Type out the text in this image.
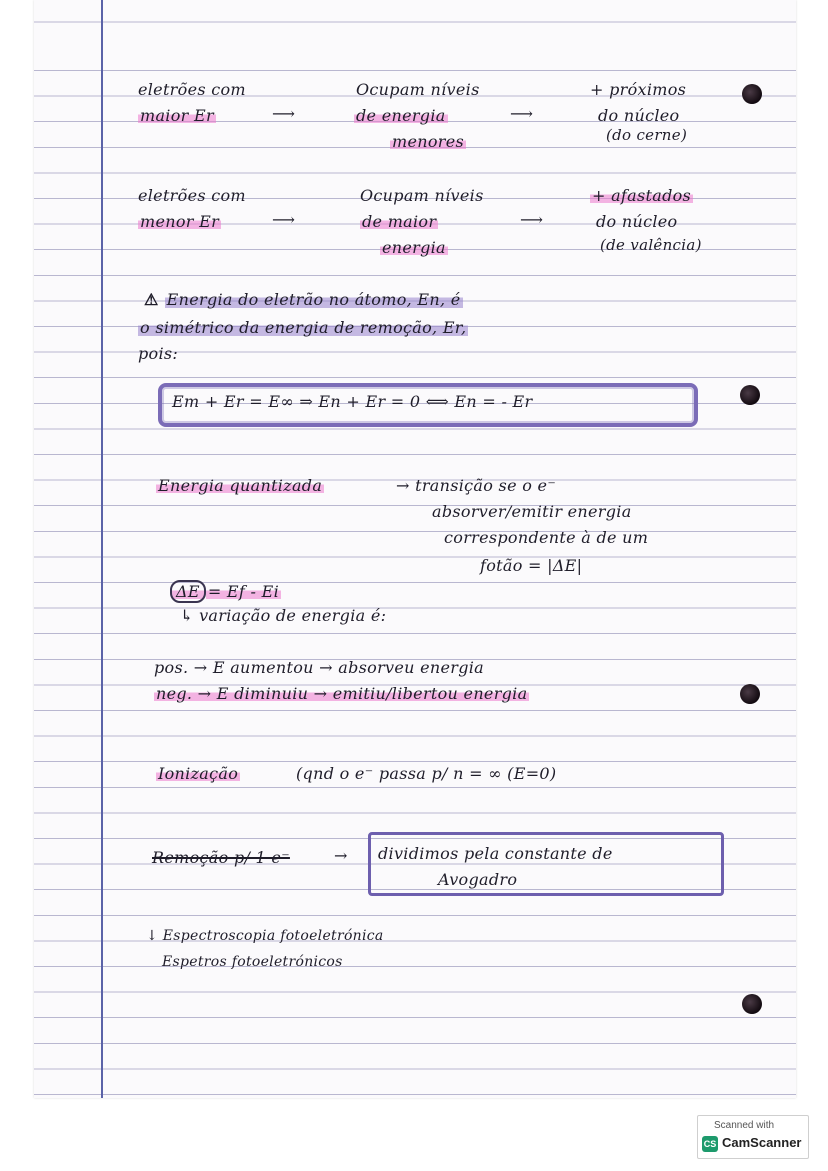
eletrões com	Ocupam níveis	+ próximos
maior Er	⟶	de energia	⟶	do núcleo
menores	(do cerne)
eletrões com	Ocupam níveis	+ afastados
menor Er	⟶	de maior	⟶	do núcleo
energia	(de valência)
⚠ Energia do eletrão no átomo, En, é
o simétrico da energia de remoção, Er,
pois:
Em + Er = E∞ ⇒ En + Er = 0 ⟺ En = - Er
Energia quantizada	→ transição se o e⁻
absorver/emitir energia
correspondente à de um
fotão = |ΔE|
ΔE = Ef - Ei
↳ variação de energia é:
pos. → E aumentou → absorveu energia
neg. → E diminuiu → emitiu/libertou energia
Ionização	(qnd o e⁻ passa p/ n = ∞ (E=0)
Remoção p/ 1 e⁻	→ dividimos pela constante de
Avogadro
↓ Espectroscopia fotoeletrónica
Espetros fotoeletrónicos
Scanned with
CS CamScanner
